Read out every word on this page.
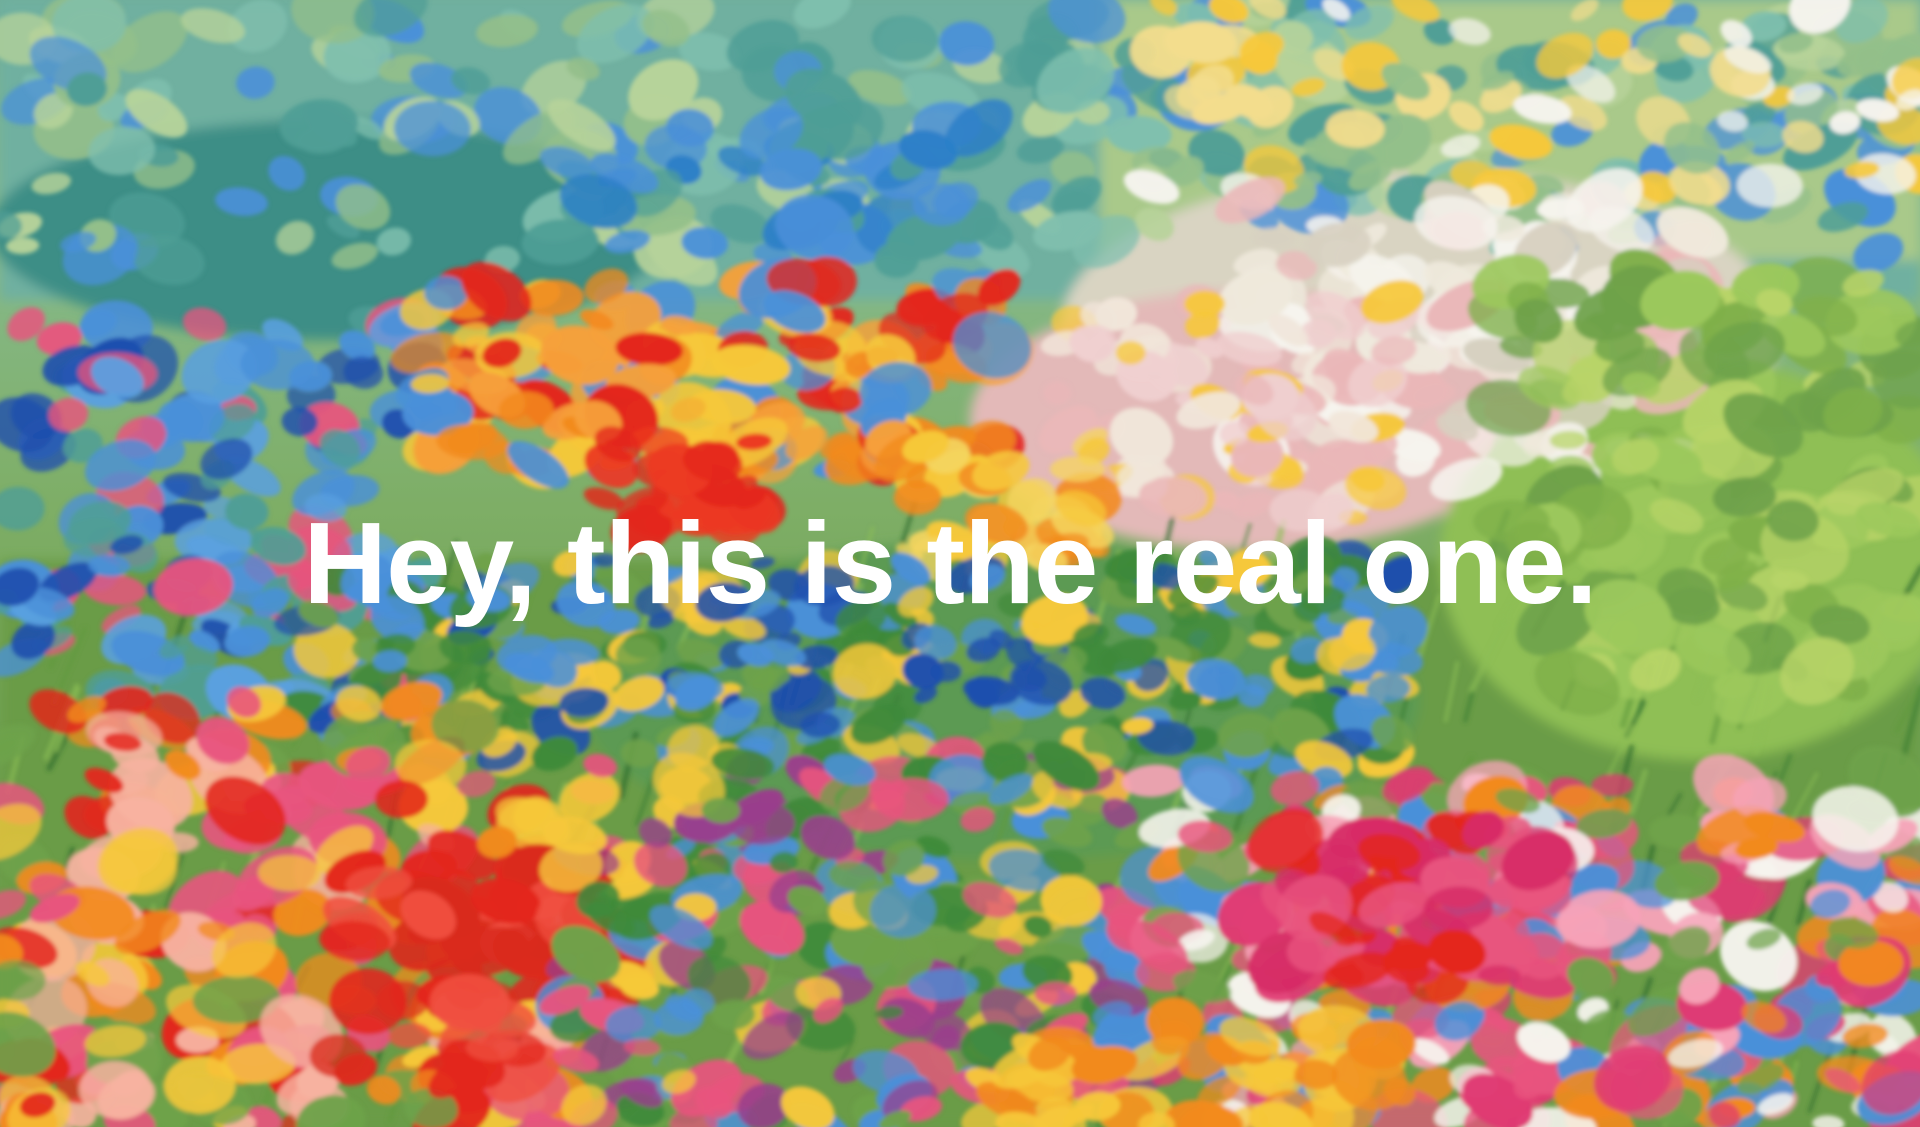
Hey, this is the real one.
